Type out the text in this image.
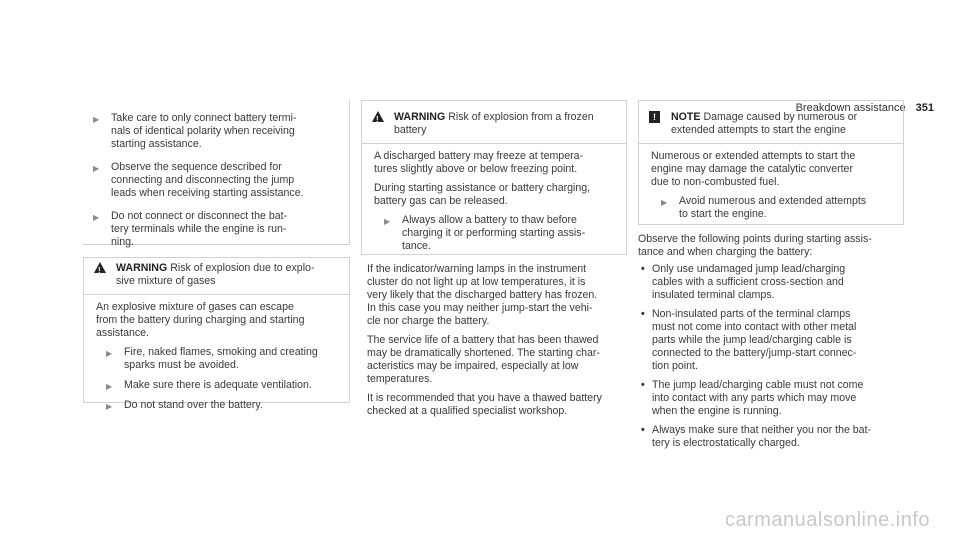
Breakdown assistance 351
▶ Take care to only connect battery termi-
nals of identical polarity when receiving
starting assistance.
▶ Observe the sequence described for
connecting and disconnecting the jump
leads when receiving starting assistance.
▶ Do not connect or disconnect the bat-
tery terminals while the engine is run-
ning.
! WARNING Risk of explosion due to explo-
sive mixture of gases

An explosive mixture of gases can escape
from the battery during charging and starting
assistance.

▶ Fire, naked flames, smoking and creating
sparks must be avoided.
▶ Make sure there is adequate ventilation.
▶ Do not stand over the battery.
! WARNING Risk of explosion from a frozen
battery

A discharged battery may freeze at tempera-
tures slightly above or below freezing point.

During starting assistance or battery charging,
battery gas can be released.

▶ Always allow a battery to thaw before
charging it or performing starting assis-
tance.

If the indicator/warning lamps in the instrument
cluster do not light up at low temperatures, it is
very likely that the discharged battery has frozen.
In this case you may neither jump-start the vehi-
cle nor charge the battery.

The service life of a battery that has been thawed
may be dramatically shortened. The starting char-
acteristics may be impaired, especially at low
temperatures.

It is recommended that you have a thawed battery
checked at a qualified specialist workshop.

!	NOTE Damage caused by numerous or
extended attempts to start the engine

Numerous or extended attempts to start the
engine may damage the catalytic converter
due to non-combusted fuel.

▶ Avoid numerous and extended attempts
to start the engine.

Observe the following points during starting assis-
tance and when charging the battery:

• Only use undamaged jump lead/charging
cables with a sufficient cross-section and
insulated terminal clamps.
• Non-insulated parts of the terminal clamps
must not come into contact with other metal
parts while the jump lead/charging cable is
connected to the battery/jump-start connec-
tion point.
• The jump lead/charging cable must not come
into contact with any parts which may move
when the engine is running.
• Always make sure that neither you nor the bat-
tery is electrostatically charged.
carmanualsonline.info
